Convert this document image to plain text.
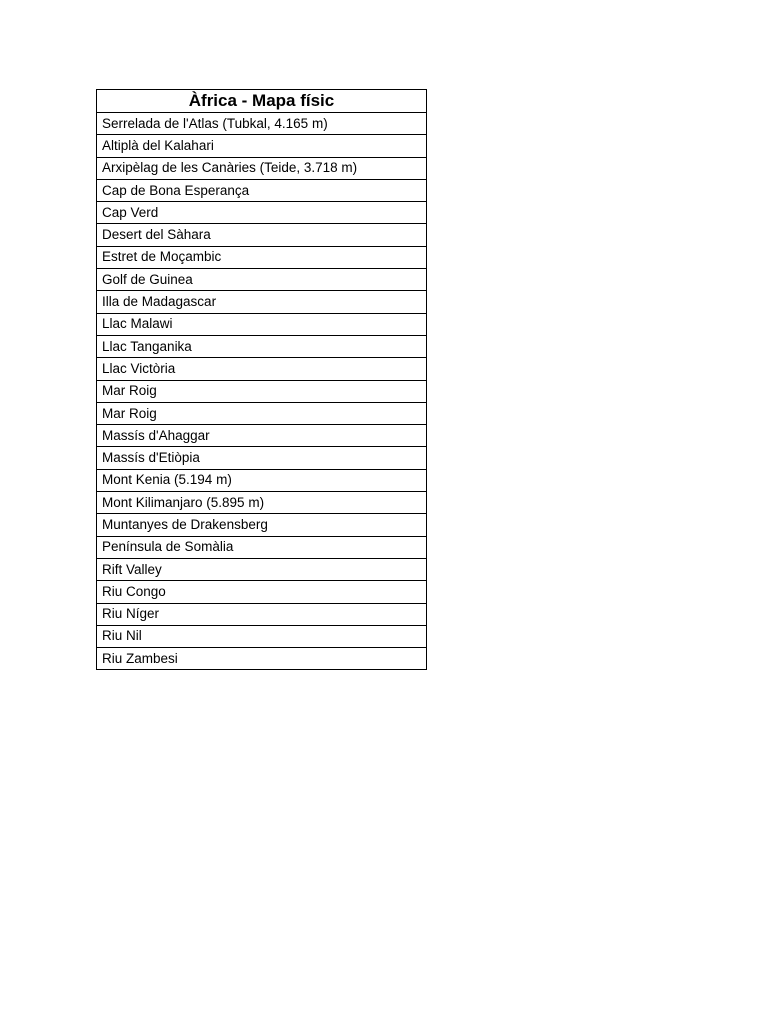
Àfrica - Mapa físic
Serrelada de l'Atlas (Tubkal, 4.165 m)
Altiplà del Kalahari
Arxipèlag de les Canàries (Teide, 3.718 m)
Cap de Bona Esperança
Cap Verd
Desert del Sàhara
Estret de Moçambic
Golf de Guinea
Illa de Madagascar
Llac Malawi
Llac Tanganika
Llac Victòria
Mar Roig
Mar Roig
Massís d'Ahaggar
Massís d'Etiòpia
Mont Kenia (5.194 m)
Mont Kilimanjaro (5.895 m)
Muntanyes de Drakensberg
Península de Somàlia
Rift Valley
Riu Congo
Riu Níger
Riu Nil
Riu Zambesi
